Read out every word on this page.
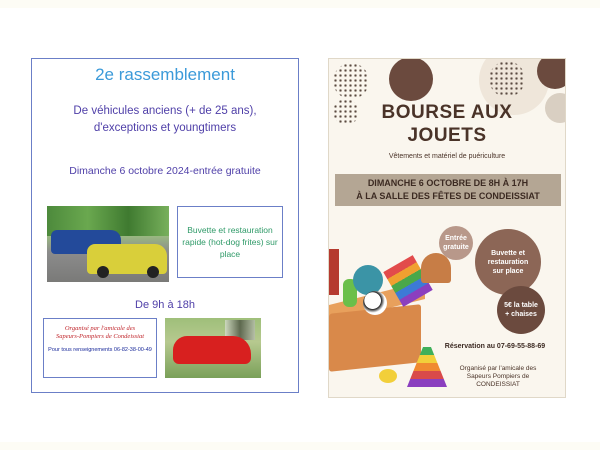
2e rassemblement
De véhicules anciens (+ de 25 ans),
d'exceptions et youngtimers
Dimanche 6 octobre 2024-entrée gratuite
Buvette et restauration rapide (hot-dog frites) sur place
De 9h à 18h
Organisé par l'amicale des
Sapeurs-Pompiers de Condeissiat
Pour tous renseignements 06-82-38-00-49
BOURSE AUX
JOUETS
Vêtements et matériel de puériculture
DIMANCHE 6 OCTOBRE DE 8H À 17H
À LA SALLE DES FÊTES DE CONDEISSIAT
Entrée
gratuite
Buvette et
restauration
sur place
5€ la table
+ chaises
Réservation au 07-69-55-88-69
Organisé par l'amicale des
Sapeurs Pompiers de
CONDEISSIAT
